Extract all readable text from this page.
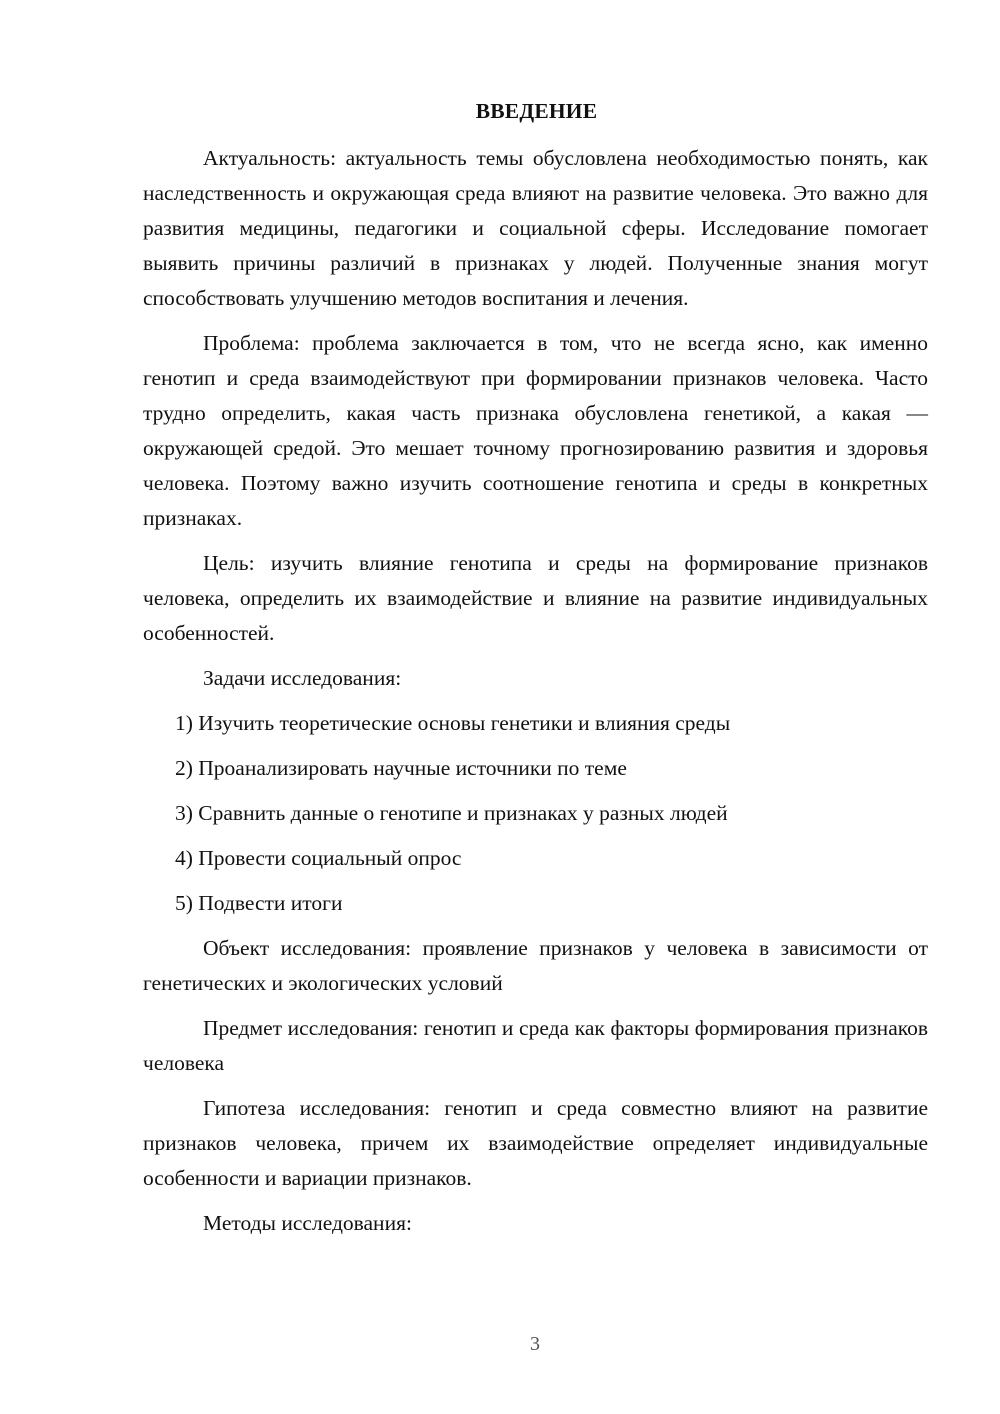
ВВЕДЕНИЕ

Актуальность: актуальность темы обусловлена необходимостью понять, как наследственность и окружающая среда влияют на развитие человека. Это важно для развития медицины, педагогики и социальной сферы. Исследование помогает выявить причины различий в признаках у людей. Полученные знания могут способствовать улучшению методов воспитания и лечения.

Проблема: проблема заключается в том, что не всегда ясно, как именно генотип и среда взаимодействуют при формировании признаков человека. Часто трудно определить, какая часть признака обусловлена генетикой, а какая — окружающей средой. Это мешает точному прогнозированию развития и здоровья человека. Поэтому важно изучить соотношение генотипа и среды в конкретных признаках.

Цель: изучить влияние генотипа и среды на формирование признаков человека, определить их взаимодействие и влияние на развитие индивидуальных особенностей.

Задачи исследования:

1) Изучить теоретические основы генетики и влияния среды
2) Проанализировать научные источники по теме
3) Сравнить данные о генотипе и признаках у разных людей
4) Провести социальный опрос
5) Подвести итоги

Объект исследования: проявление признаков у человека в зависимости от генетических и экологических условий

Предмет исследования: генотип и среда как факторы формирования признаков человека

Гипотеза исследования: генотип и среда совместно влияют на развитие признаков человека, причем их взаимодействие определяет индивидуальные особенности и вариации признаков.

Методы исследования:

3
